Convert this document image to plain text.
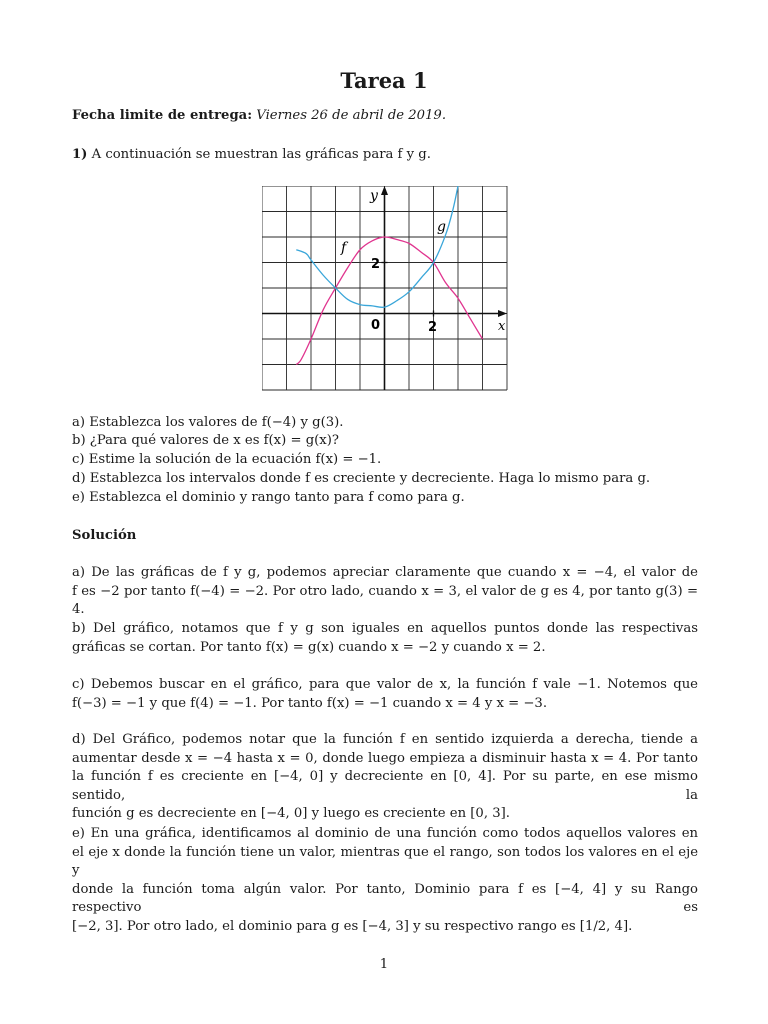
Tarea 1
Fecha limite de entrega: Viernes 26 de abril de 2019.
1) A continuación se muestran las gráficas para f y g.
y
x
0	2
2
f
g
a) Establezca los valores de f(−4) y g(3).
b) ¿Para qué valores de x es f(x) = g(x)?
c) Estime la solución de la ecuación f(x) = −1.
d) Establezca los intervalos donde f es creciente y decreciente. Haga lo mismo para g.
e) Establezca el dominio y rango tanto para f como para g.
Solución
a) De las gráficas de f y g, podemos apreciar claramente que cuando x = −4, el valor de
f es −2 por tanto f(−4) = −2. Por otro lado, cuando x = 3, el valor de g es 4, por tanto g(3) = 4.
b) Del gráfico, notamos que f y g son iguales en aquellos puntos donde las respectivas
gráficas se cortan. Por tanto f(x) = g(x) cuando x = −2 y cuando x = 2.
c) Debemos buscar en el gráfico, para que valor de x, la función f vale −1. Notemos que
f(−3) = −1 y que f(4) = −1. Por tanto f(x) = −1 cuando x = 4 y x = −3.
d) Del Gráfico, podemos notar que la función f en sentido izquierda a derecha, tiende a
aumentar desde x = −4 hasta x = 0, donde luego empieza a disminuir hasta x = 4. Por tanto
la función f es creciente en [−4, 0] y decreciente en [0, 4]. Por su parte, en ese mismo sentido, la
función g es decreciente en [−4, 0] y luego es creciente en [0, 3].
e) En una gráfica, identificamos al dominio de una función como todos aquellos valores en
el eje x donde la función tiene un valor, mientras que el rango, son todos los valores en el eje y
donde la función toma algún valor. Por tanto, Dominio para f es [−4, 4] y su Rango respectivo es
[−2, 3]. Por otro lado, el dominio para g es [−4, 3] y su respectivo rango es [1/2, 4].
1
